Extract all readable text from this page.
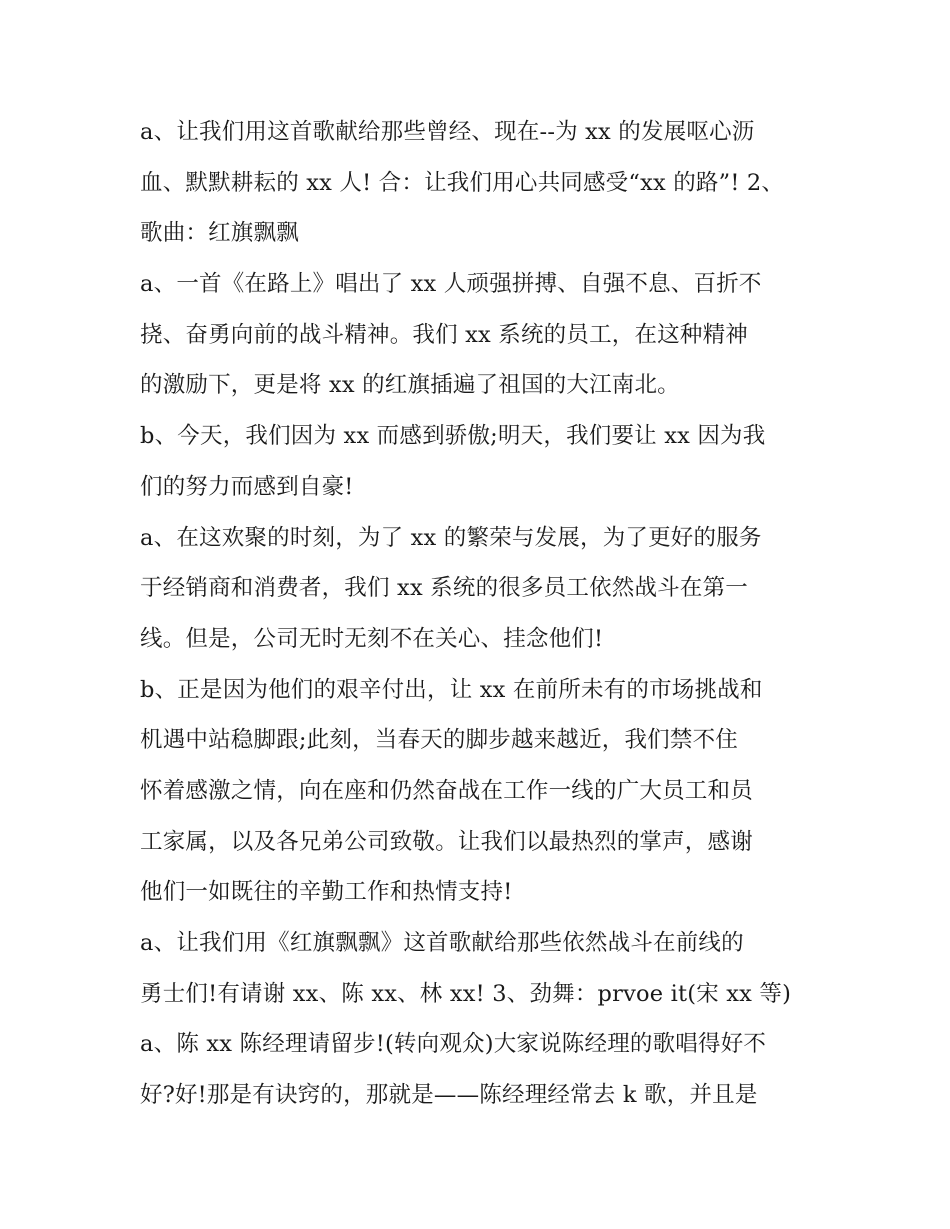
a、让我们用这首歌献给那些曾经、现在--为 xx 的发展呕心沥
血、默默耕耘的 xx 人! 合：让我们用心共同感受“xx 的路”! 2、
歌曲：红旗飘飘
a、一首《在路上》唱出了 xx 人顽强拼搏、自强不息、百折不
挠、奋勇向前的战斗精神。我们 xx 系统的员工，在这种精神
的激励下，更是将 xx 的红旗插遍了祖国的大江南北。
b、今天，我们因为 xx 而感到骄傲;明天，我们要让 xx 因为我
们的努力而感到自豪!
a、在这欢聚的时刻，为了 xx 的繁荣与发展，为了更好的服务
于经销商和消费者，我们 xx 系统的很多员工依然战斗在第一
线。但是，公司无时无刻不在关心、挂念他们!
b、正是因为他们的艰辛付出，让 xx 在前所未有的市场挑战和
机遇中站稳脚跟;此刻，当春天的脚步越来越近，我们禁不住
怀着感激之情，向在座和仍然奋战在工作一线的广大员工和员
工家属，以及各兄弟公司致敬。让我们以最热烈的掌声，感谢
他们一如既往的辛勤工作和热情支持!
a、让我们用《红旗飘飘》这首歌献给那些依然战斗在前线的
勇士们!有请谢 xx、陈 xx、林 xx! 3、劲舞：prvoe it(宋 xx 等)
a、陈 xx 陈经理请留步!(转向观众)大家说陈经理的歌唱得好不
好?好!那是有诀窍的，那就是——陈经理经常去 k 歌，并且是
